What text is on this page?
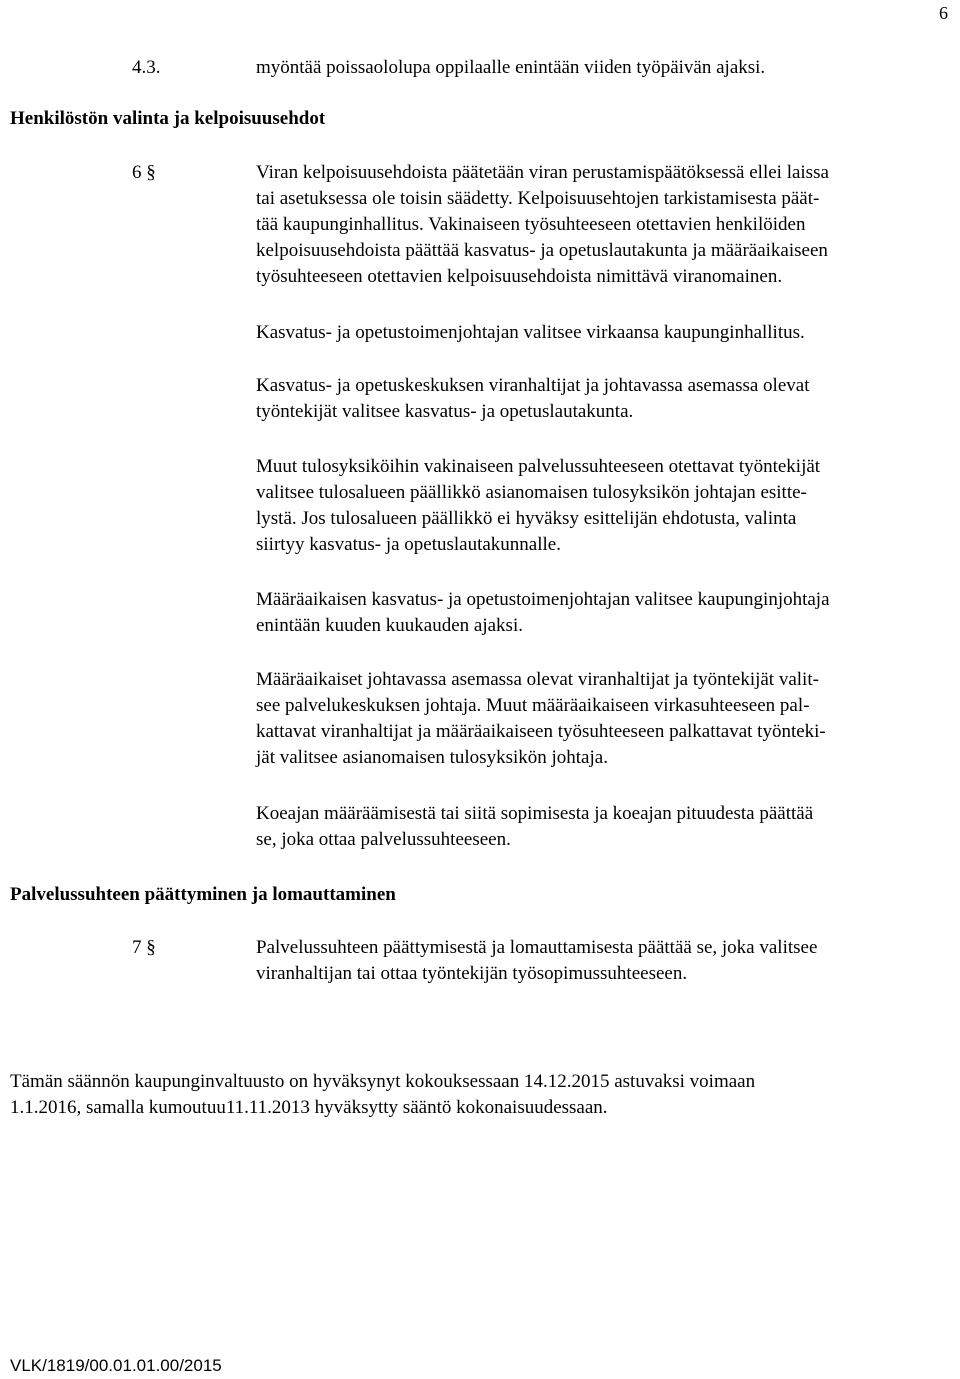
6
4.3.	myöntää poissaololupa oppilaalle enintään viiden työpäivän ajaksi.
Henkilöstön valinta ja kelpoisuusehdot
6 §	Viran kelpoisuusehdoista päätetään viran perustamispäätöksessä ellei laissa
tai asetuksessa ole toisin säädetty. Kelpoisuusehtojen tarkistamisesta päät-
tää kaupunginhallitus. Vakinaiseen työsuhteeseen otettavien henkilöiden
kelpoisuusehdoista päättää kasvatus- ja opetuslautakunta ja määräaikaiseen
työsuhteeseen otettavien kelpoisuusehdoista nimittävä viranomainen.
Kasvatus- ja opetustoimenjohtajan valitsee virkaansa kaupunginhallitus.
Kasvatus- ja opetuskeskuksen viranhaltijat ja johtavassa asemassa olevat
työntekijät valitsee kasvatus- ja opetuslautakunta.
Muut tulosyksiköihin vakinaiseen palvelussuhteeseen otettavat työntekijät
valitsee tulosalueen päällikkö asianomaisen tulosyksikön johtajan esitte-
lystä. Jos tulosalueen päällikkö ei hyväksy esittelijän ehdotusta, valinta
siirtyy kasvatus- ja opetuslautakunnalle.
Määräaikaisen kasvatus- ja opetustoimenjohtajan valitsee kaupunginjohtaja
enintään kuuden kuukauden ajaksi.
Määräaikaiset johtavassa asemassa olevat viranhaltijat ja työntekijät valit-
see palvelukeskuksen johtaja. Muut määräaikaiseen virkasuhteeseen pal-
kattavat viranhaltijat ja määräaikaiseen työsuhteeseen palkattavat työnteki-
jät valitsee asianomaisen tulosyksikön johtaja.
Koeajan määräämisestä tai siitä sopimisesta ja koeajan pituudesta päättää
se, joka ottaa palvelussuhteeseen.
Palvelussuhteen päättyminen ja lomauttaminen
7 §	Palvelussuhteen päättymisestä ja lomauttamisesta päättää se, joka valitsee
viranhaltijan tai ottaa työntekijän työsopimussuhteeseen.
Tämän säännön kaupunginvaltuusto on hyväksynyt kokouksessaan 14.12.2015 astuvaksi voimaan
1.1.2016, samalla kumoutuu11.11.2013 hyväksytty sääntö kokonaisuudessaan.
VLK/1819/00.01.01.00/2015
